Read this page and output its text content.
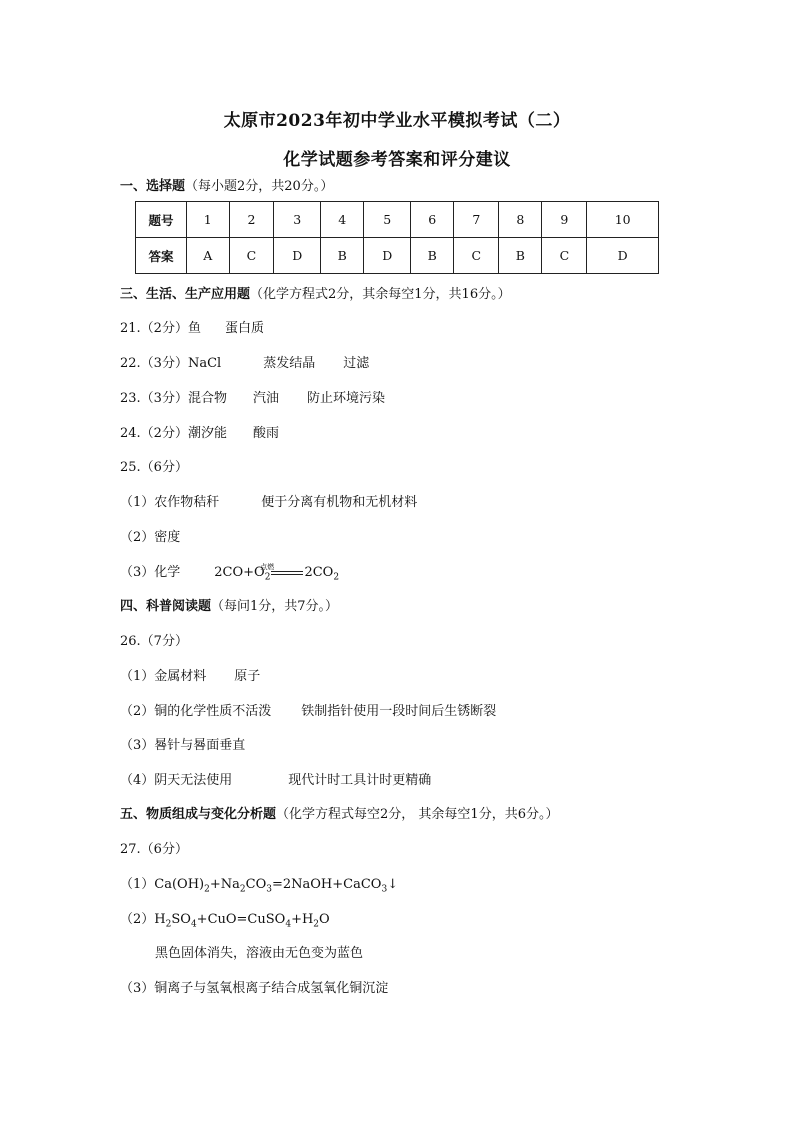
太原市2023年初中学业水平模拟考试（二）
化学试题参考答案和评分建议
一、选择题（每小题2分，共20分。）
题号	1	2	3	4	5	6	7	8	9	10
答案	A	C	D	B	D	B	C	B	C	D
三、生活、生产应用题（化学方程式2分，其余每空1分，共16分。）
21.（2分）鱼 蛋白质
22.（3分）NaCl	蒸发结晶 过滤
23.（3分）混合物 汽油 防止环境污染
24.（2分）潮汐能 酸雨
25.（6分）
（1）农作物秸秆	便于分离有机物和无机材料
（2）密度
（3）化学	$2CO+O_2$
点燃 $2CO_2$
四、科普阅读题（每问1分，共7分。）
26.（7分）
（1）金属材料 原子
（2）铜的化学性质不活泼 铁制指针使用一段时间后生锈断裂
（3）晷针与晷面垂直
（4）阴天无法使用	现代计时工具计时更精确
五、物质组成与变化分析题（化学方程式每空2分， 其余每空1分，共6分。）
27.（6分）
$(1)Ca(OH)_2+Na_2CO_3=2NaOH+CaCO_3↓$
$(2)H_2SO_4+CuO=CuSO_4+H_2O$
黑色固体消失，溶液由无色变为蓝色
（3）铜离子与氢氧根离子结合成氢氧化铜沉淀
